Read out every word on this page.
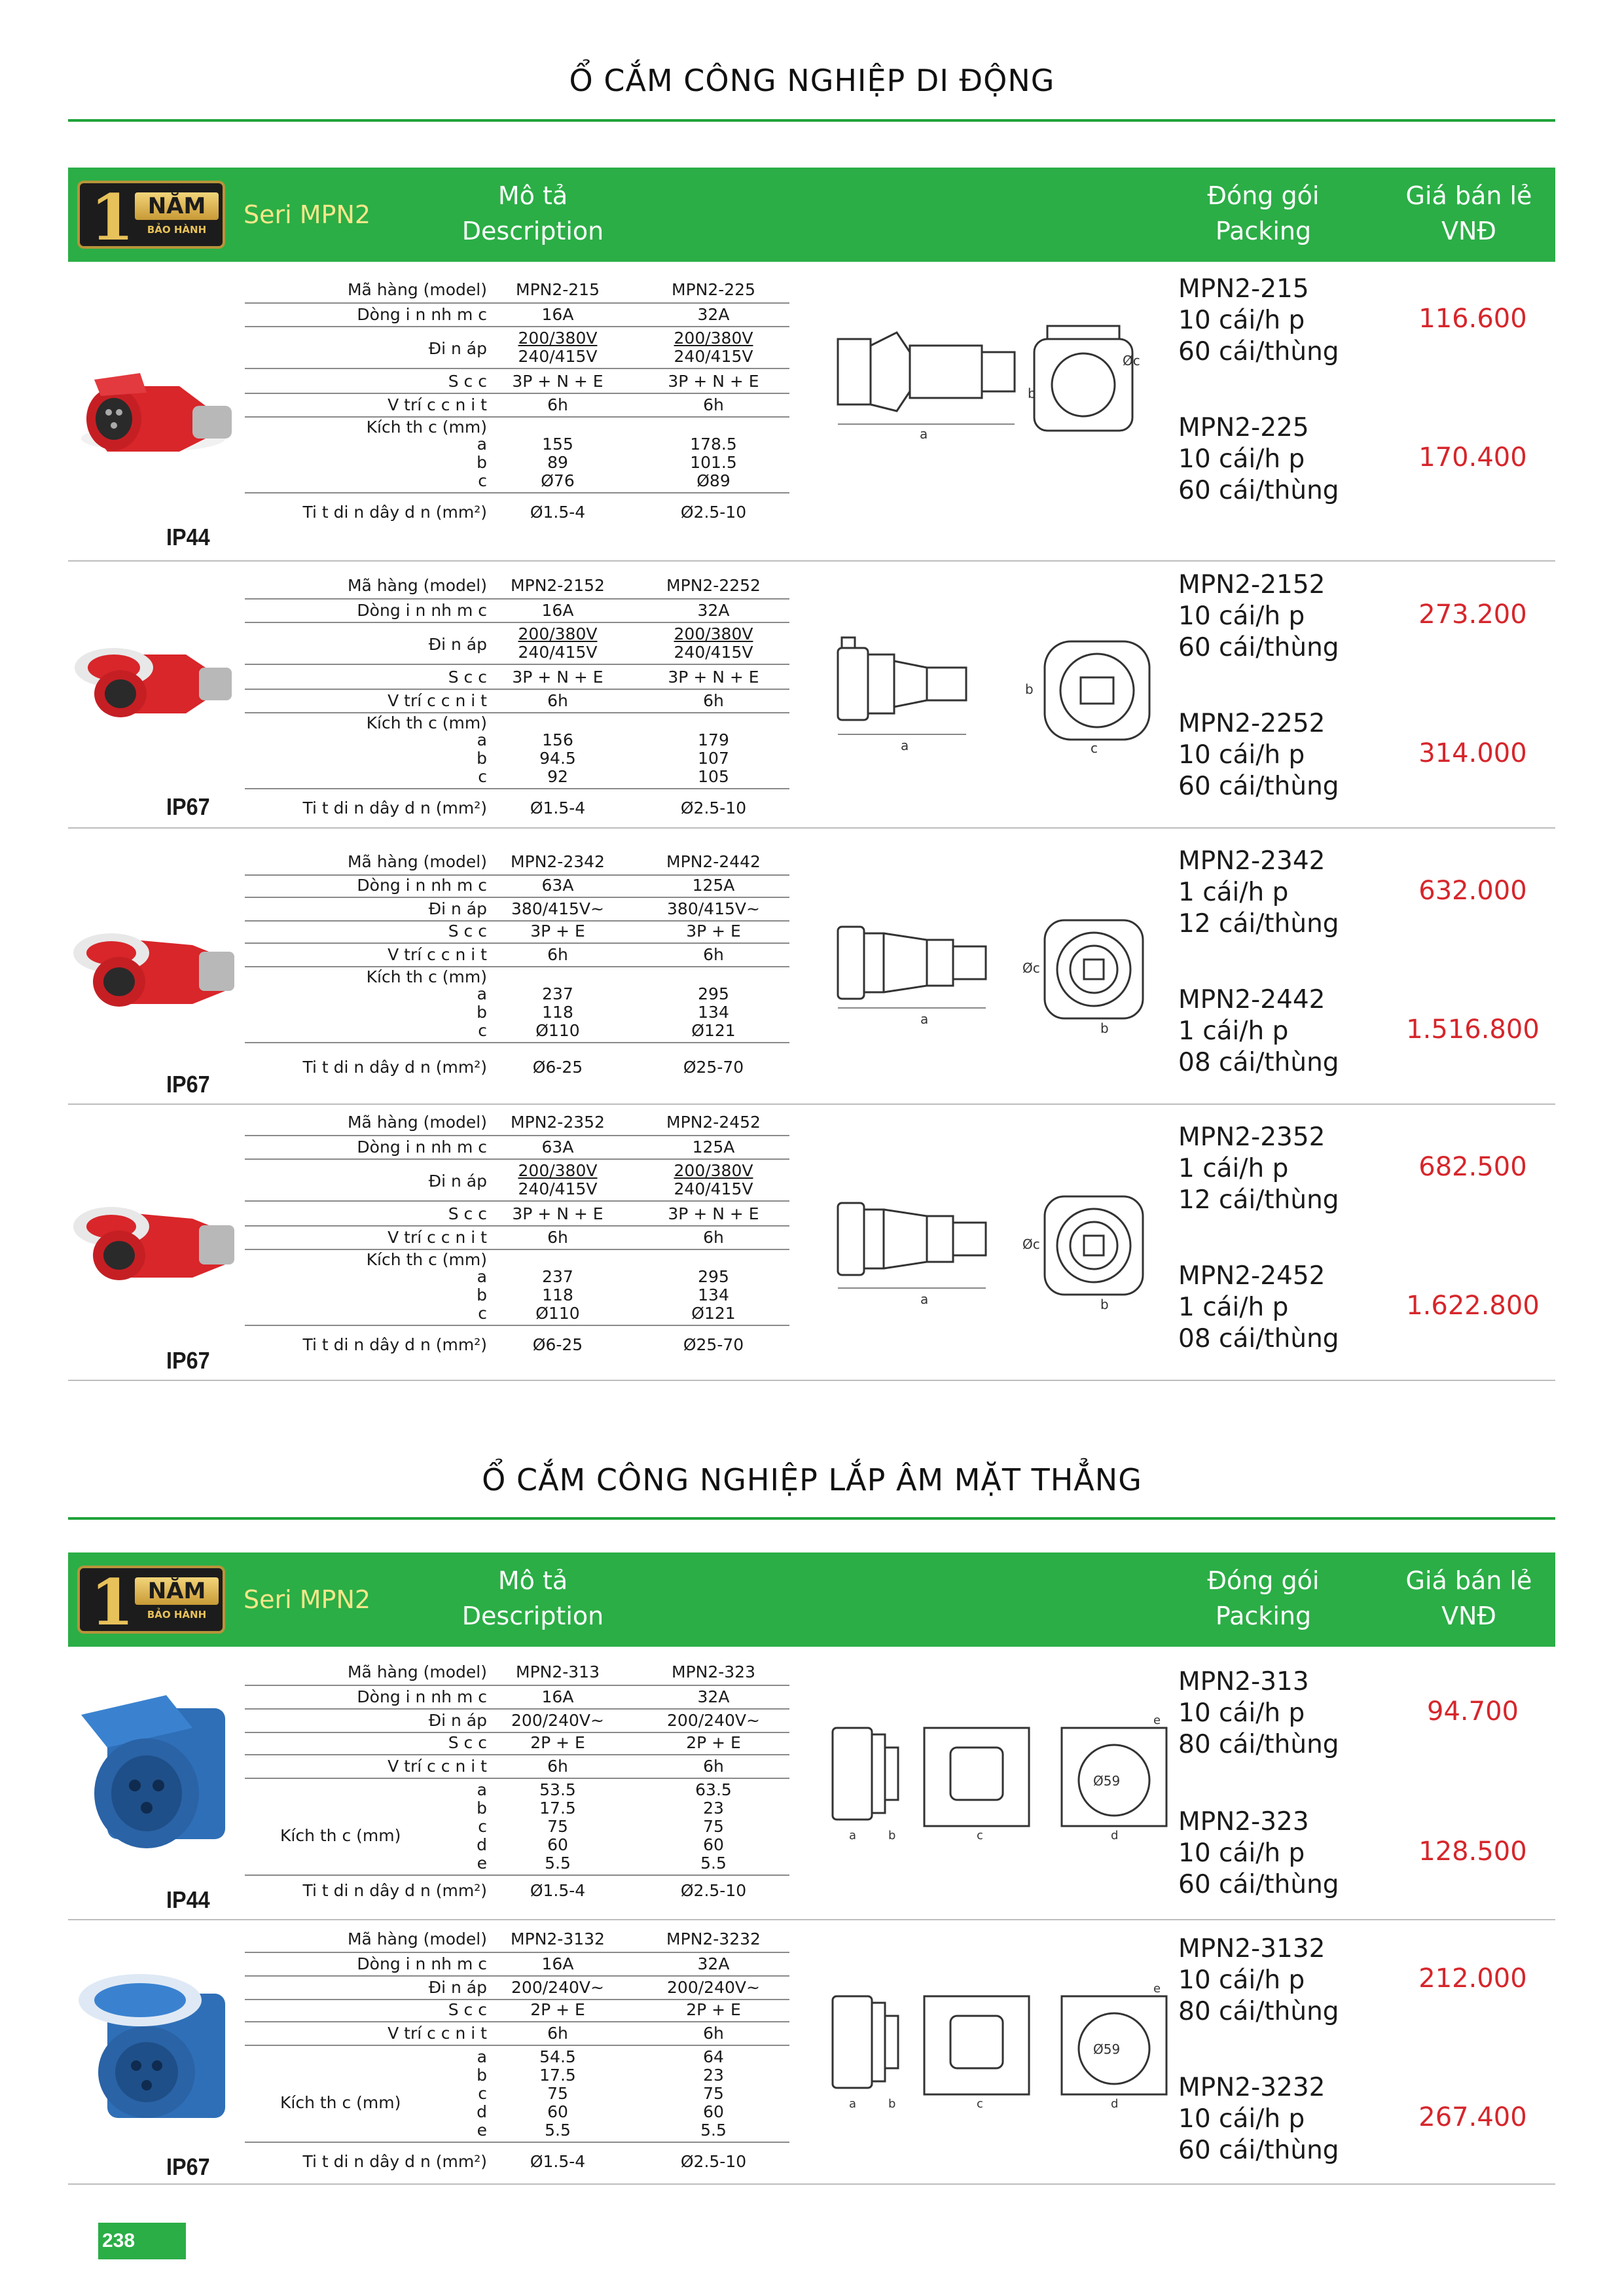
Ổ CẮM CÔNG NGHIỆP DI ĐỘNG
1 NĂM
BẢO HÀNH
Seri MPN2
Mô tả
Description
Đóng gói
Packing
Giá bán lẻ
VNĐ
IP44
Mã hàng (model)	MPN2-215	MPN2-225
Dòng i n nh m c	16A	32A
Đi n áp
200/380V	200/380V
240/415V	240/415V
S c c	3P + N + E	3P + N + E
V trí c c n i t	6h	6h
Kích th c (mm)
a	155	178.5
b	89	101.5
c	Ø76	Ø89
Ti t di n dây d n (mm²)	Ø1.5-4	Ø2.5-10
a
b
Øc
MPN2-215
10 cái/h p
60 cái/thùng
116.600
MPN2-225
10 cái/h p
60 cái/thùng
170.400
IP67
Mã hàng (model)	MPN2-2152	MPN2-2252
Dòng i n nh m c	16A	32A
Đi n áp
200/380V	200/380V
240/415V	240/415V
S c c	3P + N + E	3P + N + E
V trí c c n i t	6h	6h
Kích th c (mm)
a	156	179
b	94.5	107
c	92	105
Ti t di n dây d n (mm²)	Ø1.5-4	Ø2.5-10
a
b
c
MPN2-2152
10 cái/h p
60 cái/thùng
273.200
MPN2-2252
10 cái/h p
60 cái/thùng
314.000
IP67
Mã hàng (model)	MPN2-2342	MPN2-2442
Dòng i n nh m c	63A	125A
Đi n áp	380/415V~	380/415V~
S c c	3P + E	3P + E
V trí c c n i t	6h	6h
Kích th c (mm)
a	237	295
b	118	134
c	Ø110	Ø121
Ti t di n dây d n (mm²)	Ø6-25	Ø25-70
a
b
Øc
MPN2-2342
1 cái/h p
12 cái/thùng
632.000
MPN2-2442
1 cái/h p
08 cái/thùng
1.516.800
IP67
Mã hàng (model)	MPN2-2352	MPN2-2452
Dòng i n nh m c	63A	125A
Đi n áp
200/380V	200/380V
240/415V	240/415V
S c c	3P + N + E	3P + N + E
V trí c c n i t	6h	6h
Kích th c (mm)
a	237	295
b	118	134
c	Ø110	Ø121
Ti t di n dây d n (mm²)	Ø6-25	Ø25-70
a	b
Øc
MPN2-2352
1 cái/h p
12 cái/thùng
682.500
MPN2-2452
1 cái/h p
08 cái/thùng
1.622.800
Ổ CẮM CÔNG NGHIỆP LẮP ÂM MẶT THẲNG
1 NĂM
BẢO HÀNH
Seri MPN2
Mô tả
Description
Đóng gói
Packing
Giá bán lẻ
VNĐ
IP44
Mã hàng (model)	MPN2-313	MPN2-323
Dòng i n nh m c	16A	32A
Đi n áp	200/240V~	200/240V~
S c c	2P + E	2P + E
V trí c c n i t	6h	6h
Kích th c (mm)
a	53.5	63.5
b	17.5	23
c	75	75
d	60	60
e	5.5	5.5
Ti t di n dây d n (mm²)	Ø1.5-4	Ø2.5-10
Ø59
a	b	c	d
e
MPN2-313
10 cái/h p
80 cái/thùng
94.700
MPN2-323
10 cái/h p
60 cái/thùng
128.500
IP67
Mã hàng (model)	MPN2-3132	MPN2-3232
Dòng i n nh m c	16A	32A
Đi n áp	200/240V~	200/240V~
S c c	2P + E	2P + E
V trí c c n i t	6h	6h
Kích th c (mm)
a	54.5	64
b	17.5	23
c	75	75
d	60	60
e	5.5	5.5
Ti t di n dây d n (mm²)	Ø1.5-4	Ø2.5-10
Ø59
a	b	c	d
e
MPN2-3132
10 cái/h p
80 cái/thùng
212.000
MPN2-3232
10 cái/h p
60 cái/thùng
267.400
238
